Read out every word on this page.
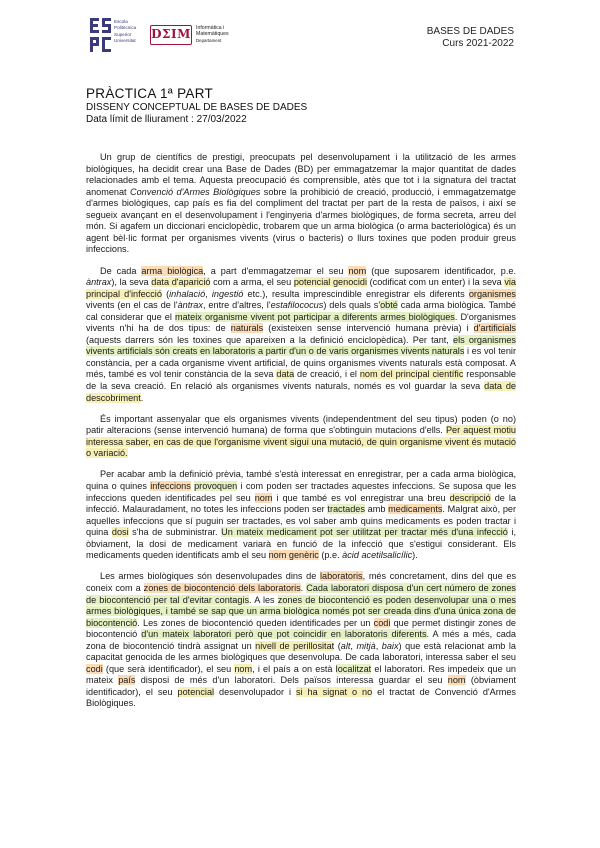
Escola
Politècnica
Superior
Universitat	DΣIM Informàtica i
Matemàtiques
Departament
BASES DE DADES
Curs 2021-2022
PRÀCTICA 1ª PART
DISSENY CONCEPTUAL DE BASES DE DADES
Data límit de lliurament : 27/03/2022

Un grup de científics de prestigi, preocupats pel desenvolupament i la utilització de les armes biològiques, ha decidit crear una Base de Dades (BD) per emmagatzemar la major quantitat de dades relacionades amb el tema. Aquesta preocupació és comprensible, atès que tot i la signatura del tractat anomenat Convenció d'Armes Biològiques sobre la prohibició de creació, producció, i emmagatzematge d'armes biològiques, cap país es fia del compliment del tractat per part de la resta de països, i així se segueix avançant en el desenvolupament i l'enginyeria d'armes biològiques, de forma secreta, arreu del món. Si agafem un diccionari enciclopèdic, trobarem que un arma biològica (o arma bacteriològica) és un agent bèl·lic format per organismes vivents (virus o bacteris) o llurs toxines que poden produir greus infeccions.

De cada arma biològica, a part d'emmagatzemar el seu nom (que suposarem identificador, p.e. àntrax), la seva data d'aparició com a arma, el seu potencial genocidi (codificat com un enter) i la seva via principal d'infecció (inhalació, ingestió etc.), resulta imprescindible enregistrar els diferents organismes vivents (en el cas de l'àntrax, entre d'altres, l'estafilococus) dels quals s'obté cada arma biològica. També cal considerar que el mateix organisme vivent pot participar a diferents armes biològiques. D'organismes vivents n'hi ha de dos tipus: de naturals (existeixen sense intervenció humana prèvia) i d'artificials (aquests darrers són les toxines que apareixen a la definició enciclopèdica). Per tant, els organismes vivents artificials són creats en laboratoris a partir d'un o de varis organismes vivents naturals i es vol tenir constància, per a cada organisme vivent artificial, de quins organismes vivents naturals està composat. A més, també es vol tenir constància de la seva data de creació, i el nom del principal científic responsable de la seva creació. En relació als organismes vivents naturals, només es vol guardar la seva data de descobriment.

És important assenyalar que els organismes vivents (independentment del seu tipus) poden (o no) patir alteracions (sense intervenció humana) de forma que s'obtinguin mutacions d'ells. Per aquest motiu interessa saber, en cas de que l'organisme vivent sigui una mutació, de quin organisme vivent és mutació o variació.

Per acabar amb la definició prèvia, també s'està interessat en enregistrar, per a cada arma biològica, quina o quines infeccions provoquen i com poden ser tractades aquestes infeccions. Se suposa que les infeccions queden identificades pel seu nom i que també es vol enregistrar una breu descripció de la infecció. Malauradament, no totes les infeccions poden ser tractades amb medicaments. Malgrat això, per aquelles infeccions que sí puguin ser tractades, es vol saber amb quins medicaments es poden tractar i quina dosi s'ha de subministrar. Un mateix medicament pot ser utilitzat per tractar més d'una infecció i, òbviament, la dosi de medicament variarà en funció de la infecció que s'estigui considerant. Els medicaments queden identificats amb el seu nom genèric (p.e. àcid acetilsalicílic).

Les armes biològiques són desenvolupades dins de laboratoris, més concretament, dins del que es coneix com a zones de biocontenció dels laboratoris. Cada laboratori disposa d'un cert número de zones de biocontenció per tal d'evitar contagis. A les zones de biocontenció es poden desenvolupar una o mes armes biològiques, i també se sap que un arma biològica només pot ser creada dins d'una única zona de biocontenció. Les zones de biocontenció queden identificades per un codi que permet distingir zones de biocontenció d'un mateix laboratori però que pot coincidir en laboratoris diferents. A més a més, cada zona de biocontenció tindrà assignat un nivell de perillositat (alt, mitjà, baix) que està relacionat amb la capacitat genocida de les armes biològiques que desenvolupa. De cada laboratori, interessa saber el seu codi (que serà identificador), el seu nom, i el país a on està localitzat el laboratori. Res impedeix que un mateix país disposi de més d'un laboratori. Dels països interessa guardar el seu nom (òbviament identificador), el seu potencial desenvolupador i si ha signat o no el tractat de Convenció d'Armes Biològiques.
